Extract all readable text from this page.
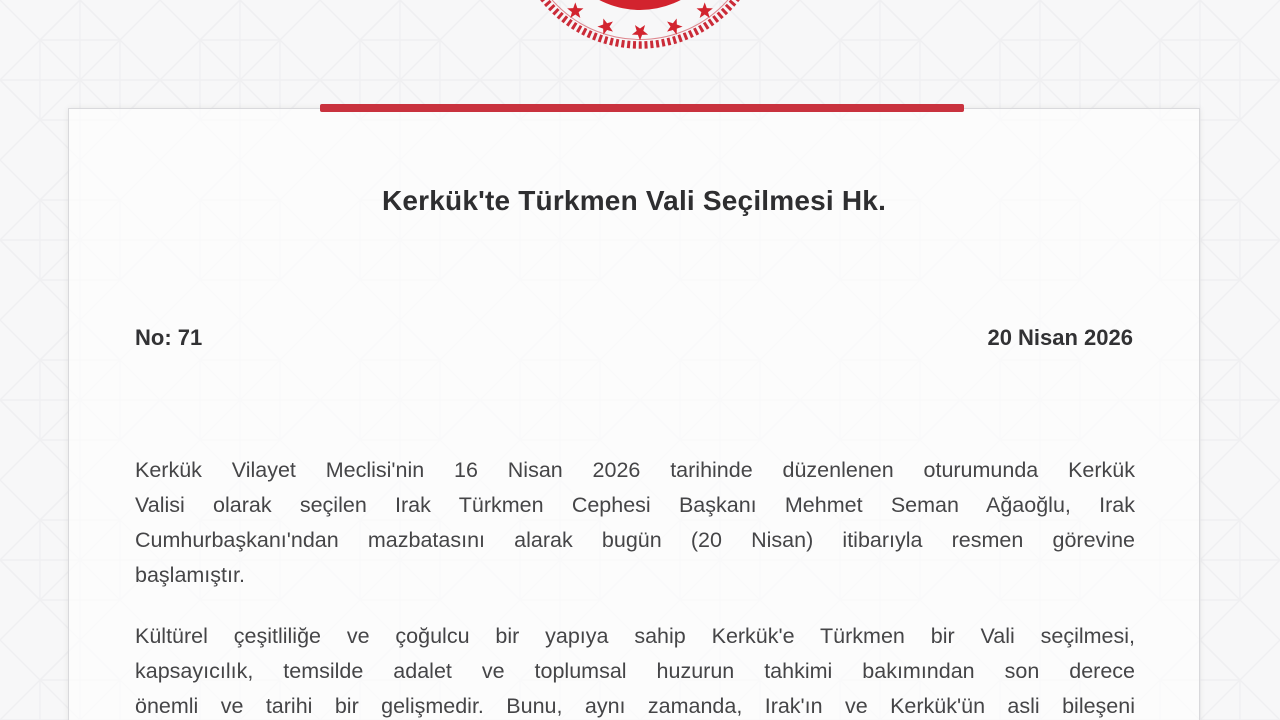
Kerkük'te Türkmen Vali Seçilmesi Hk.
No: 71	20 Nisan 2026
Kerkük Vilayet Meclisi'nin 16 Nisan 2026 tarihinde düzenlenen oturumunda Kerkük
Valisi olarak seçilen Irak Türkmen Cephesi Başkanı Mehmet Seman Ağaoğlu, Irak
Cumhurbaşkanı'ndan mazbatasını alarak bugün (20 Nisan) itibarıyla resmen görevine
başlamıştır.
Kültürel çeşitliliğe ve çoğulcu bir yapıya sahip Kerkük'e Türkmen bir Vali seçilmesi,
kapsayıcılık, temsilde adalet ve toplumsal huzurun tahkimi bakımından son derece
önemli ve tarihi bir gelişmedir. Bunu, aynı zamanda, Irak'ın ve Kerkük'ün asli bileşeni
